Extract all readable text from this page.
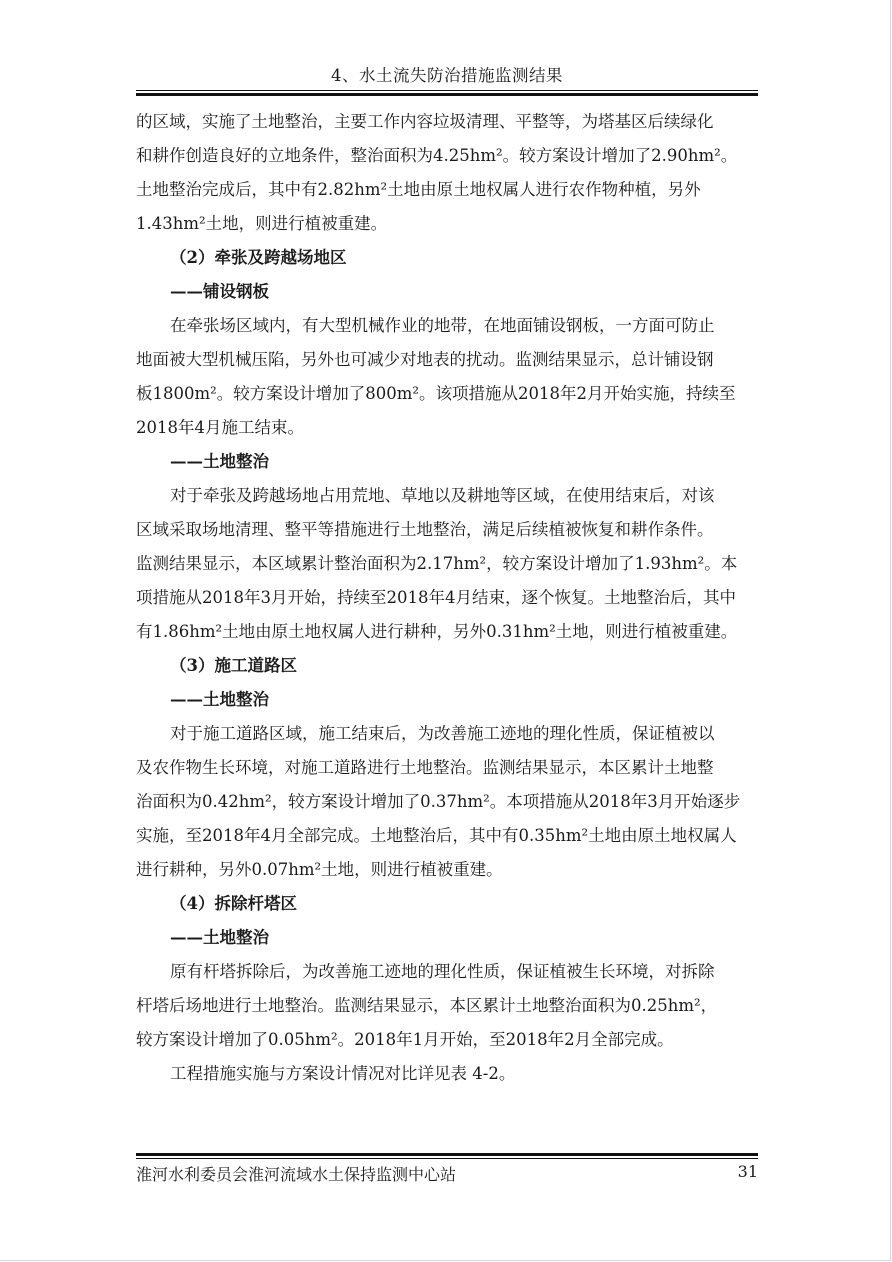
4、水土流失防治措施监测结果

的区域，实施了土地整治，主要工作内容垃圾清理、平整等，为塔基区后续绿化
和耕作创造良好的立地条件，整治面积为4.25hm²。较方案设计增加了2.90hm²。
土地整治完成后，其中有2.82hm²土地由原土地权属人进行农作物种植，另外
1.43hm²土地，则进行植被重建。

（2）牵张及跨越场地区

——铺设钢板

在牵张场区域内，有大型机械作业的地带，在地面铺设钢板，一方面可防止
地面被大型机械压陷，另外也可减少对地表的扰动。监测结果显示，总计铺设钢
板1800m²。较方案设计增加了800m²。该项措施从2018年2月开始实施，持续至
2018年4月施工结束。

——土地整治

对于牵张及跨越场地占用荒地、草地以及耕地等区域，在使用结束后，对该
区域采取场地清理、整平等措施进行土地整治，满足后续植被恢复和耕作条件。
监测结果显示，本区域累计整治面积为2.17hm²，较方案设计增加了1.93hm²。本
项措施从2018年3月开始，持续至2018年4月结束，逐个恢复。土地整治后，其中
有1.86hm²土地由原土地权属人进行耕种，另外0.31hm²土地，则进行植被重建。

（3）施工道路区

——土地整治

对于施工道路区域，施工结束后，为改善施工迹地的理化性质，保证植被以
及农作物生长环境，对施工道路进行土地整治。监测结果显示，本区累计土地整
治面积为0.42hm²，较方案设计增加了0.37hm²。本项措施从2018年3月开始逐步
实施，至2018年4月全部完成。土地整治后，其中有0.35hm²土地由原土地权属人
进行耕种，另外0.07hm²土地，则进行植被重建。

（4）拆除杆塔区

——土地整治

原有杆塔拆除后，为改善施工迹地的理化性质，保证植被生长环境，对拆除
杆塔后场地进行土地整治。监测结果显示，本区累计土地整治面积为0.25hm²，
较方案设计增加了0.05hm²。2018年1月开始，至2018年2月全部完成。

工程措施实施与方案设计情况对比详见表 4-2。

淮河水利委员会淮河流域水土保持监测中心站	31
